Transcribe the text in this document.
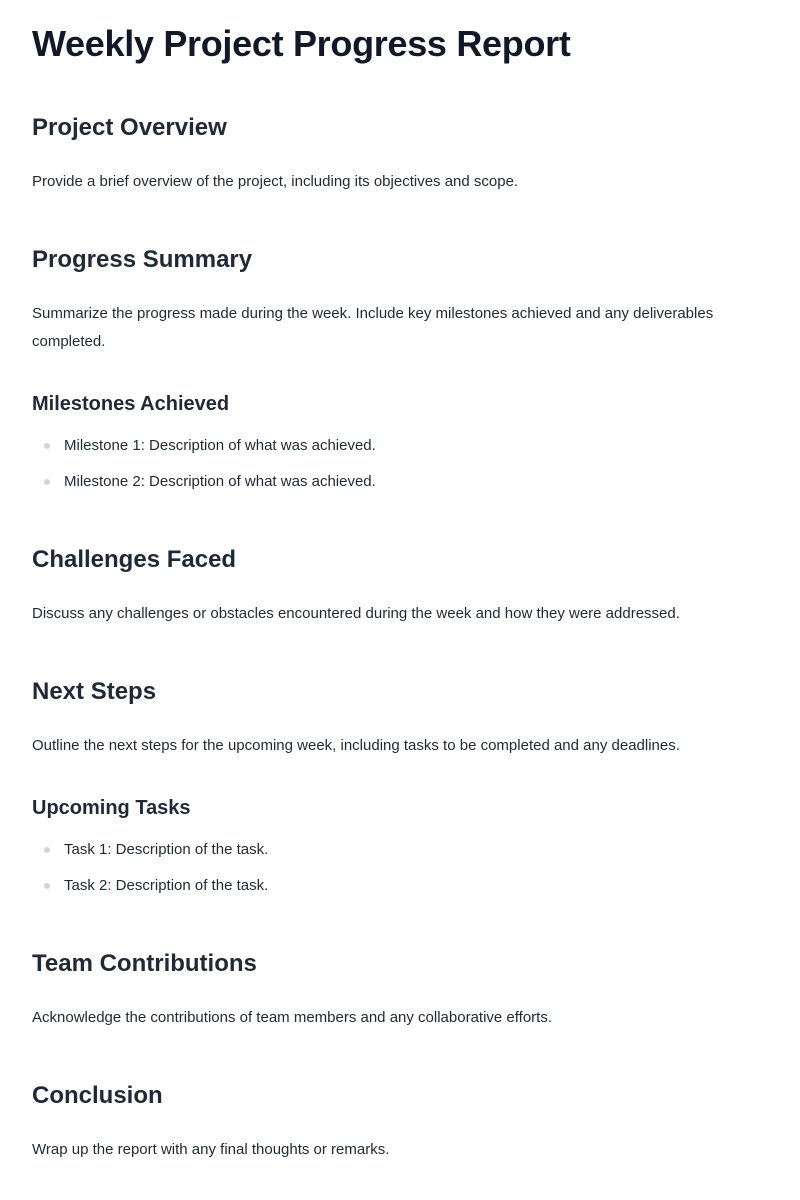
Weekly Project Progress Report
Project Overview

Provide a brief overview of the project, including its objectives and scope.

Progress Summary

Summarize the progress made during the week. Include key milestones achieved and any deliverables completed.

Milestones Achieved
Milestone 1: Description of what was achieved.
Milestone 2: Description of what was achieved.
Challenges Faced

Discuss any challenges or obstacles encountered during the week and how they were addressed.

Next Steps

Outline the next steps for the upcoming week, including tasks to be completed and any deadlines.

Upcoming Tasks
Task 1: Description of the task.
Task 2: Description of the task.
Team Contributions

Acknowledge the contributions of team members and any collaborative efforts.

Conclusion

Wrap up the report with any final thoughts or remarks.
